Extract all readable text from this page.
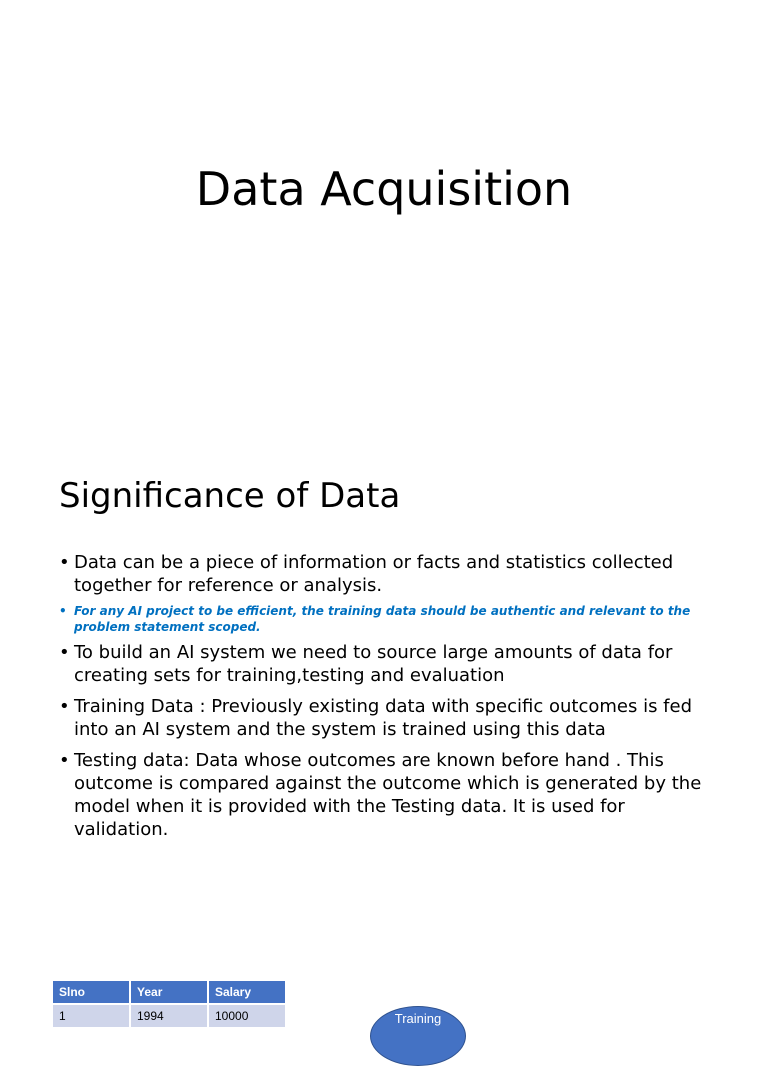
Data Acquisition
Significance of Data
• Data can be a piece of information or facts and statistics collected together for reference or analysis.
• For any AI project to be efficient, the training data should be authentic and relevant to the problem statement scoped.
• To build an AI system we need to source large amounts of data for creating sets for training,testing and evaluation
• Training Data : Previously existing data with specific outcomes is fed into an AI system and the system is trained using this data
• Testing data: Data whose outcomes are known before hand . This outcome is compared against the outcome which is generated by the model when it is provided with the Testing data. It is used for validation.
Slno	Year	Salary
1	1994	10000	Training
